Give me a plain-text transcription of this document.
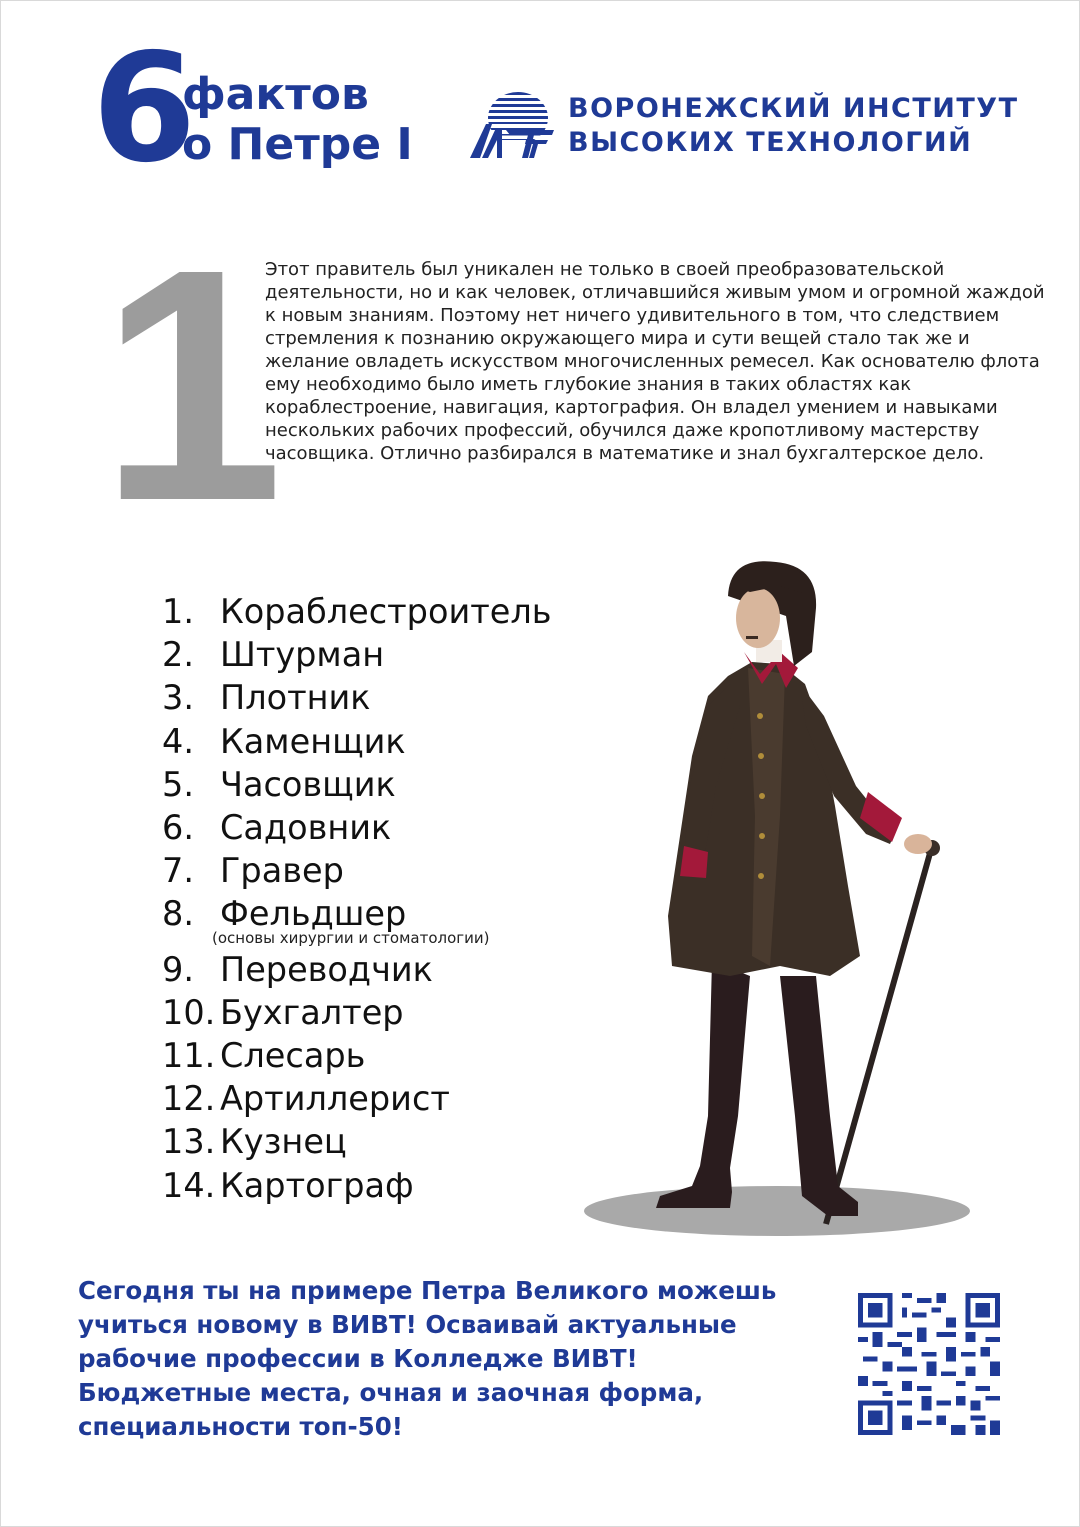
6
фактов
о Петре I
ВОРОНЕЖСКИЙ ИНСТИТУТ
ВЫСОКИХ ТЕХНОЛОГИЙ
1
Этот правитель был уникален не только в своей преобразовательской деятельности, но и как человек, отличавшийся живым умом и огромной жаждой к новым знаниям. Поэтому нет ничего удивительного в том, что следствием стремления к познанию окружающего мира и сути вещей стало так же и желание овладеть искусством многочисленных ремесел. Как основателю флота ему необходимо было иметь глубокие знания в таких областях как кораблестроение, навигация, картография. Он владел умением и навыками нескольких рабочих профессий, обучился даже кропотливому мастерству часовщика. Отлично разбирался в математике и знал бухгалтерское дело.
1. Кораблестроитель
2. Штурман
3. Плотник
4. Каменщик
5. Часовщик
6. Садовник
7. Гравер
8. Фельдшер
(основы хирургии и стоматологии)
9. Переводчик
10. Бухгалтер
11. Слесарь
12. Артиллерист
13. Кузнец
14. Картограф
Сегодня ты на примере Петра Великого можешь учиться новому в ВИВТ! Осваивай актуальные рабочие профессии в Колледже ВИВТ! Бюджетные места, очная и заочная форма, специальности топ-50!
